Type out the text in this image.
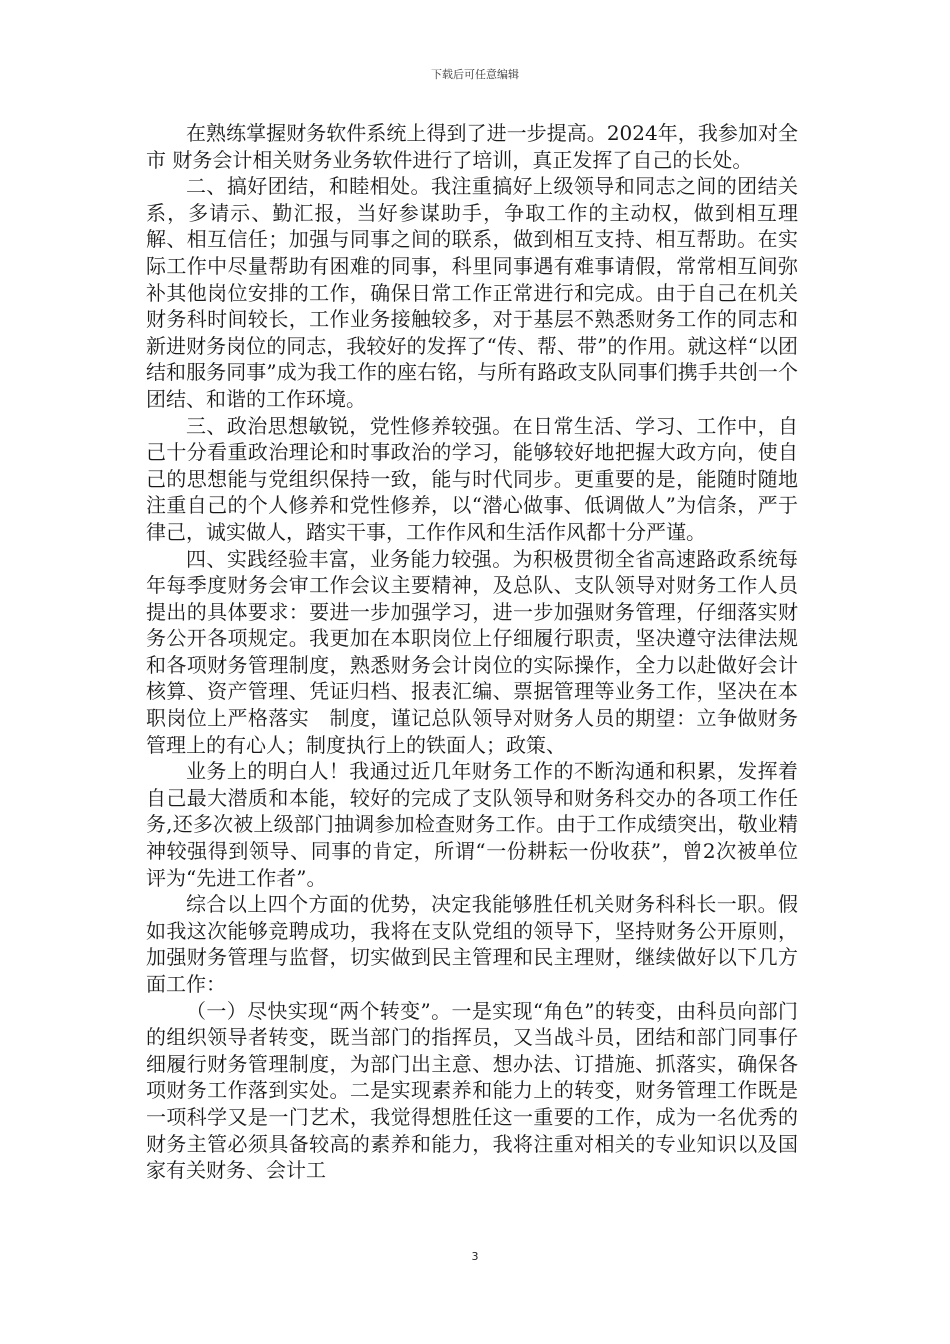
下载后可任意编辑

在熟练掌握财务软件系统上得到了进一步提高。2024年，我参加对全市 财务会计相关财务业务软件进行了培训，真正发挥了自己的长处。

二、搞好团结，和睦相处。我注重搞好上级领导和同志之间的团结关系，多请示、勤汇报，当好参谋助手，争取工作的主动权，做到相互理解、相互信任；加强与同事之间的联系，做到相互支持、相互帮助。在实际工作中尽量帮助有困难的同事，科里同事遇有难事请假，常常相互间弥补其他岗位安排的工作，确保日常工作正常进行和完成。由于自己在机关财务科时间较长，工作业务接触较多，对于基层不熟悉财务工作的同志和新进财务岗位的同志，我较好的发挥了“传、帮、带”的作用。就这样“以团结和服务同事”成为我工作的座右铭，与所有路政支队同事们携手共创一个团结、和谐的工作环境。

三、政治思想敏锐，党性修养较强。在日常生活、学习、工作中，自己十分看重政治理论和时事政治的学习，能够较好地把握大政方向，使自己的思想能与党组织保持一致，能与时代同步。更重要的是，能随时随地注重自己的个人修养和党性修养，以“潜心做事、低调做人”为信条，严于律己，诚实做人，踏实干事，工作作风和生活作风都十分严谨。

四、实践经验丰富，业务能力较强。为积极贯彻全省高速路政系统每年每季度财务会审工作会议主要精神，及总队、支队领导对财务工作人员提出的具体要求：要进一步加强学习，进一步加强财务管理，仔细落实财务公开各项规定。我更加在本职岗位上仔细履行职责，坚决遵守法律法规和各项财务管理制度，熟悉财务会计岗位的实际操作，全力以赴做好会计核算、资产管理、凭证归档、报表汇编、票据管理等业务工作，坚决在本职岗位上严格落实　制度，谨记总队领导对财务人员的期望：立争做财务管理上的有心人；制度执行上的铁面人；政策、

业务上的明白人！我通过近几年财务工作的不断沟通和积累，发挥着自己最大潜质和本能，较好的完成了支队领导和财务科交办的各项工作任务,还多次被上级部门抽调参加检查财务工作。由于工作成绩突出，敬业精神较强得到领导、同事的肯定，所谓“一份耕耘一份收获”，曾2次被单位评为“先进工作者”。

综合以上四个方面的优势，决定我能够胜任机关财务科科长一职。假如我这次能够竞聘成功，我将在支队党组的领导下，坚持财务公开原则，加强财务管理与监督，切实做到民主管理和民主理财，继续做好以下几方面工作：

（一）尽快实现“两个转变”。一是实现“角色”的转变，由科员向部门的组织领导者转变，既当部门的指挥员，又当战斗员，团结和部门同事仔细履行财务管理制度，为部门出主意、想办法、订措施、抓落实，确保各项财务工作落到实处。二是实现素养和能力上的转变，财务管理工作既是一项科学又是一门艺术，我觉得想胜任这一重要的工作，成为一名优秀的财务主管必须具备较高的素养和能力，我将注重对相关的专业知识以及国家有关财务、会计工

3
